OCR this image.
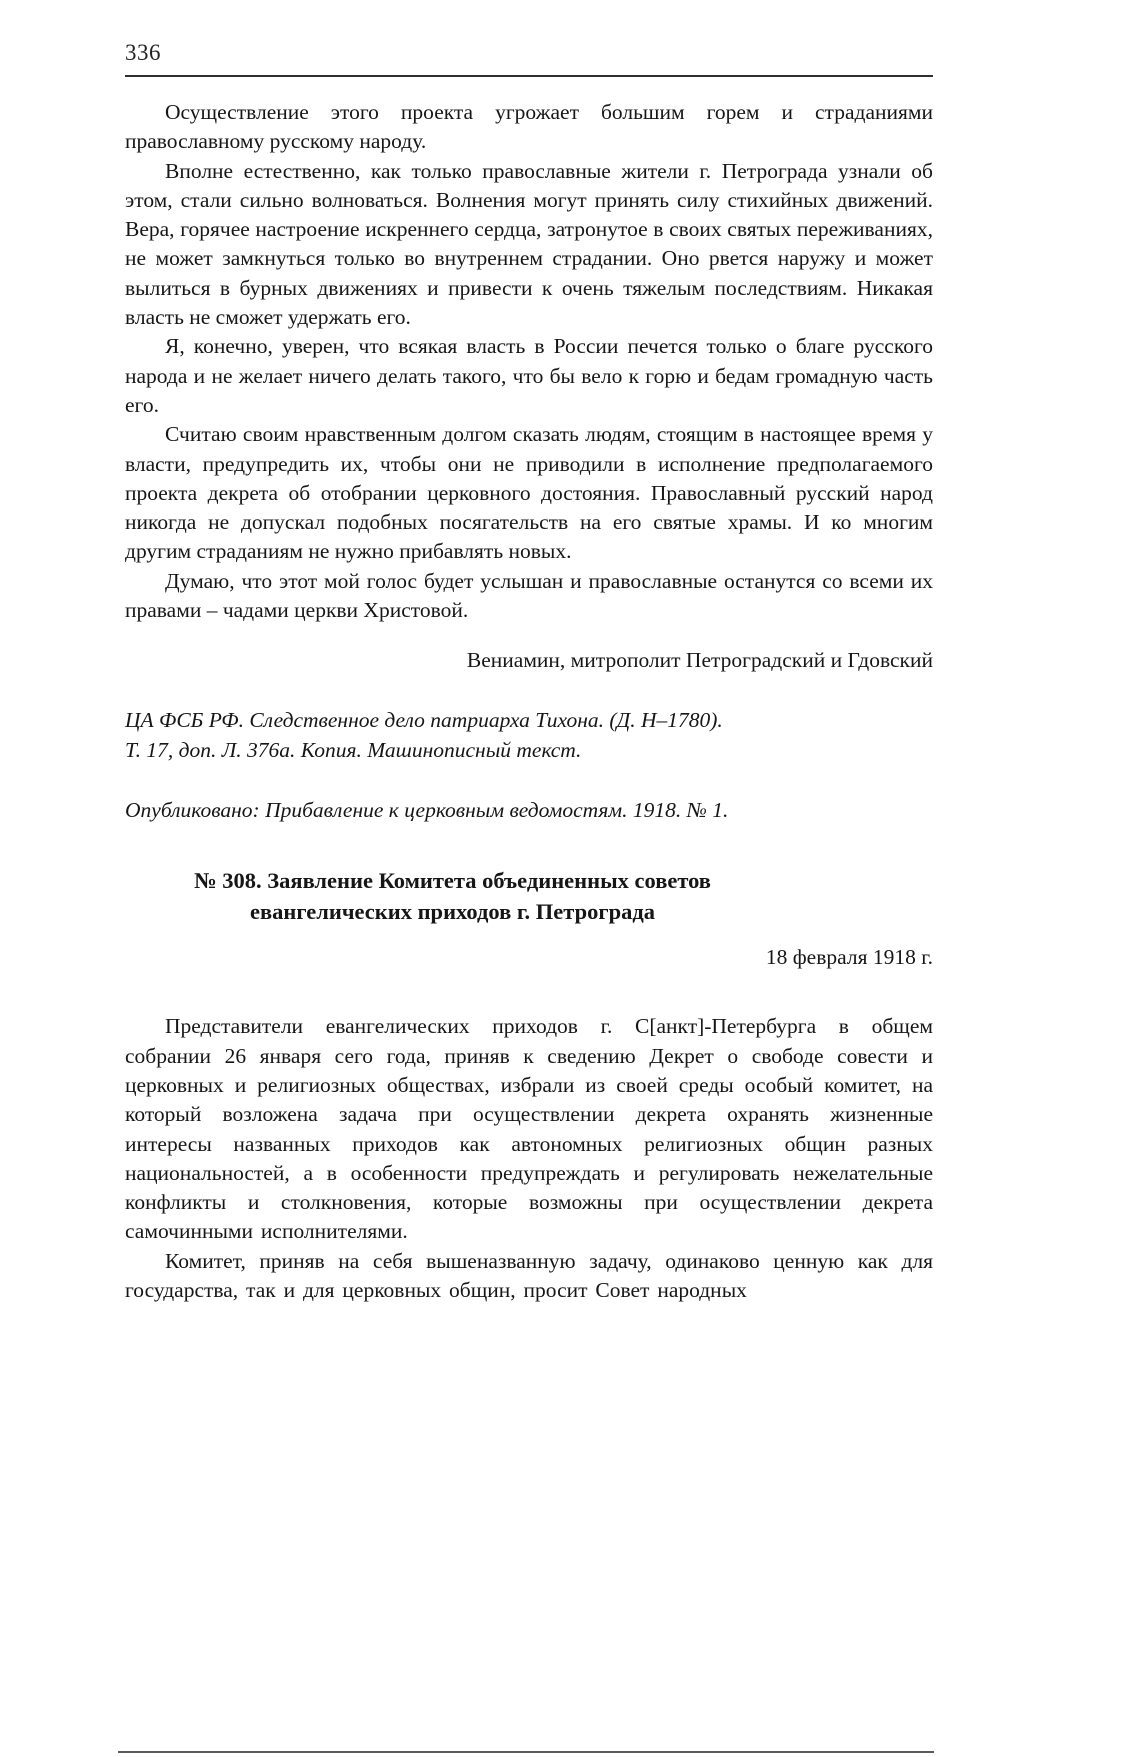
336

Осуществление этого проекта угрожает большим горем и страданиями православному русскому народу.

Вполне естественно, как только православные жители г. Петрограда узнали об этом, стали сильно волноваться. Волнения могут принять силу стихийных движений. Вера, горячее настроение искреннего сердца, затронутое в своих святых переживаниях, не может замкнуться только во внутреннем страдании. Оно рвется наружу и может вылиться в бурных движениях и привести к очень тяжелым последствиям. Никакая власть не сможет удержать его.

Я, конечно, уверен, что всякая власть в России печется только о благе русского народа и не желает ничего делать такого, что бы вело к горю и бедам громадную часть его.

Считаю своим нравственным долгом сказать людям, стоящим в настоящее время у власти, предупредить их, чтобы они не приводили в исполнение предполагаемого проекта декрета об отобрании церковного достояния. Православный русский народ никогда не допускал подобных посягательств на его святые храмы. И ко многим другим страданиям не нужно прибавлять новых.

Думаю, что этот мой голос будет услышан и православные останутся со всеми их правами – чадами церкви Христовой.

Вениамин, митрополит Петроградский и Гдовский

ЦА ФСБ РФ. Следственное дело патриарха Тихона. (Д. Н–1780).
Т. 17, доп. Л. 376а. Копия. Машинописный текст.

Опубликовано: Прибавление к церковным ведомостям. 1918. № 1.

№ 308. Заявление Комитета объединенных советов
евангелических приходов г. Петрограда

18 февраля 1918 г.

Представители евангелических приходов г. С[анкт]-Петербурга в общем собрании 26 января сего года, приняв к сведению Декрет о свободе совести и церковных и религиозных обществах, избрали из своей среды особый комитет, на который возложена задача при осуществлении декрета охранять жизненные интересы названных приходов как автономных религиозных общин разных национальностей, а в особенности предупреждать и регулировать нежелательные конфликты и столкновения, которые возможны при осуществлении декрета самочинными исполнителями.

Комитет, приняв на себя вышеназванную задачу, одинаково ценную как для государства, так и для церковных общин, просит Совет народных
